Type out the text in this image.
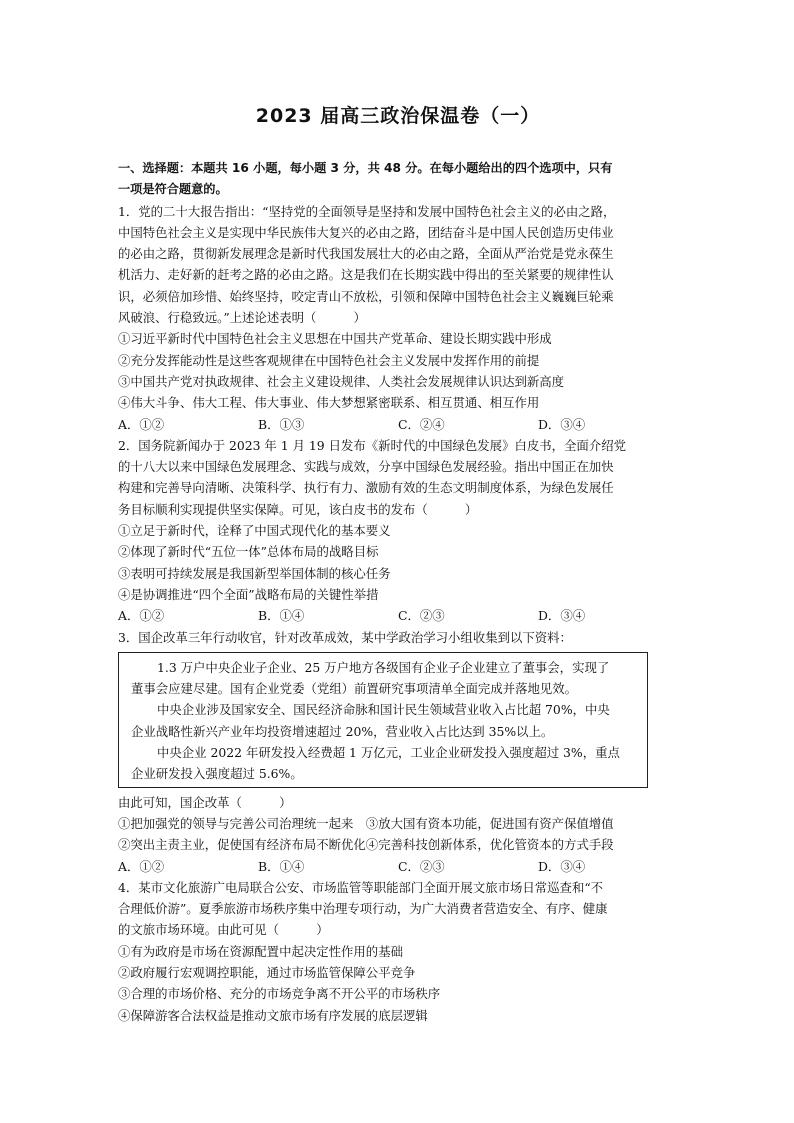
2023 届高三政治保温卷（一）
一、选择题：本题共 16 小题，每小题 3 分，共 48 分。在每小题给出的四个选项中，只有
一项是符合题意的。
1．党的二十大报告指出：“坚持党的全面领导是坚持和发展中国特色社会主义的必由之路，
中国特色社会主义是实现中华民族伟大复兴的必由之路，团结奋斗是中国人民创造历史伟业
的必由之路，贯彻新发展理念是新时代我国发展壮大的必由之路，全面从严治党是党永葆生
机活力、走好新的赶考之路的必由之路。这是我们在长期实践中得出的至关紧要的规律性认
识，必须倍加珍惜、始终坚持，咬定青山不放松，引领和保障中国特色社会主义巍巍巨轮乘
风破浪、行稳致远。”上述论述表明（　　　）
①习近平新时代中国特色社会主义思想在中国共产党革命、建设长期实践中形成
②充分发挥能动性是这些客观规律在中国特色社会主义发展中发挥作用的前提
③中国共产党对执政规律、社会主义建设规律、人类社会发展规律认识达到新高度
④伟大斗争、伟大工程、伟大事业、伟大梦想紧密联系、相互贯通、相互作用
A．①②	B．①③	C．②④	D．③④
2．国务院新闻办于 2023 年 1 月 19 日发布《新时代的中国绿色发展》白皮书，全面介绍党
的十八大以来中国绿色发展理念、实践与成效，分享中国绿色发展经验。指出中国正在加快
构建和完善导向清晰、决策科学、执行有力、激励有效的生态文明制度体系，为绿色发展任
务目标顺利实现提供坚实保障。可见，该白皮书的发布（　　　）
①立足于新时代，诠释了中国式现代化的基本要义
②体现了新时代“五位一体”总体布局的战略目标
③表明可持续发展是我国新型举国体制的核心任务
④是协调推进“四个全面”战略布局的关键性举措
A．①②	B．①④	C．②③	D．③④
3．国企改革三年行动收官，针对改革成效，某中学政治学习小组收集到以下资料：
1.3 万户中央企业子企业、25 万户地方各级国有企业子企业建立了董事会，实现了
董事会应建尽建。国有企业党委（党组）前置研究事项清单全面完成并落地见效。
中央企业涉及国家安全、国民经济命脉和国计民生领域营业收入占比超 70%，中央
企业战略性新兴产业年均投资增速超过 20%，营业收入占比达到 35%以上。
中央企业 2022 年研发投入经费超 1 万亿元，工业企业研发投入强度超过 3%，重点
企业研发投入强度超过 5.6%。
由此可知，国企改革（　　　）
①把加强党的领导与完善公司治理统一起来　③放大国有资本功能，促进国有资产保值增值
②突出主责主业，促使国有经济布局不断优化④完善科技创新体系，优化管资本的方式手段
A．①②	B．①④	C．②③	D．③④
4．某市文化旅游广电局联合公安、市场监管等职能部门全面开展文旅市场日常巡查和“不
合理低价游”。夏季旅游市场秩序集中治理专项行动，为广大消费者营造安全、有序、健康
的文旅市场环境。由此可见（　　　）
①有为政府是市场在资源配置中起决定性作用的基础
②政府履行宏观调控职能，通过市场监管保障公平竞争
③合理的市场价格、充分的市场竞争离不开公平的市场秩序
④保障游客合法权益是推动文旅市场有序发展的底层逻辑
